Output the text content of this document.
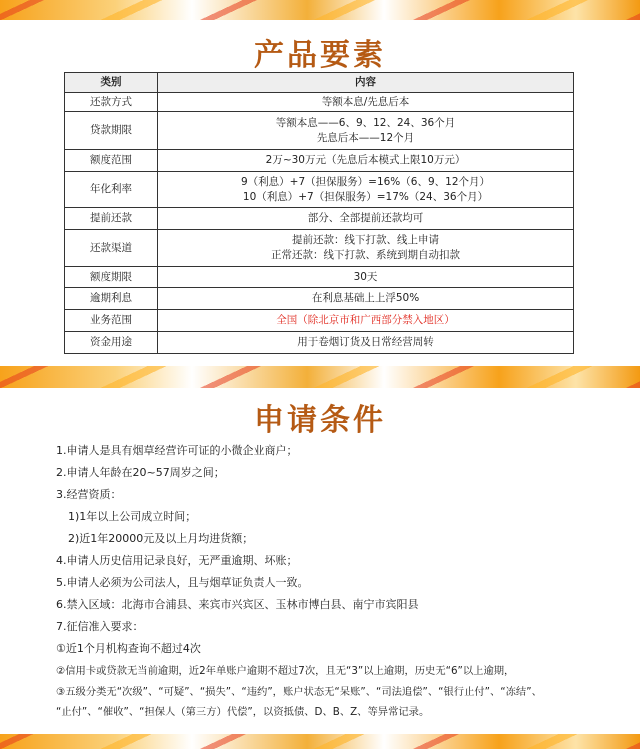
产品要素
类别	内容
还款方式	等额本息/先息后本

贷款期限	等额本息——6、9、12、24、36个月
先息后本——12个月

额度范围	2万~30万元（先息后本模式上限10万元）

年化利率	9（利息）+7（担保服务）=16%（6、9、12个月）
10（利息）+7（担保服务）=17%（24、36个月）

提前还款	部分、全部提前还款均可

还款渠道	提前还款：线下打款、线上申请
正常还款：线下打款、系统到期自动扣款

额度期限	30天

逾期利息	在利息基础上上浮50%

业务范围	全国（除北京市和广西部分禁入地区）

资金用途	用于卷烟订货及日常经营周转
申请条件
1.申请人是具有烟草经营许可证的小微企业商户；
2.申请人年龄在20~57周岁之间；
3.经营资质：
1)1年以上公司成立时间；
2)近1年20000元及以上月均进货额；
4.申请人历史信用记录良好，无严重逾期、坏账；
5.申请人必须为公司法人，且与烟草证负责人一致。
6.禁入区域：北海市合浦县、来宾市兴宾区、玉林市博白县、南宁市宾阳县
7.征信准入要求：
①近1个月机构查询不超过4次
②信用卡或贷款无当前逾期，近2年单账户逾期不超过7次，且无“3”以上逾期，历史无“6”以上逾期，
③五级分类无“次级”、“可疑”、“损失”、“违约”，账户状态无“呆账”、“司法追偿”、“银行止付”、“冻结”、
“止付”、“催收”、“担保人（第三方）代偿”，以资抵债、D、B、Z、等异常记录。
